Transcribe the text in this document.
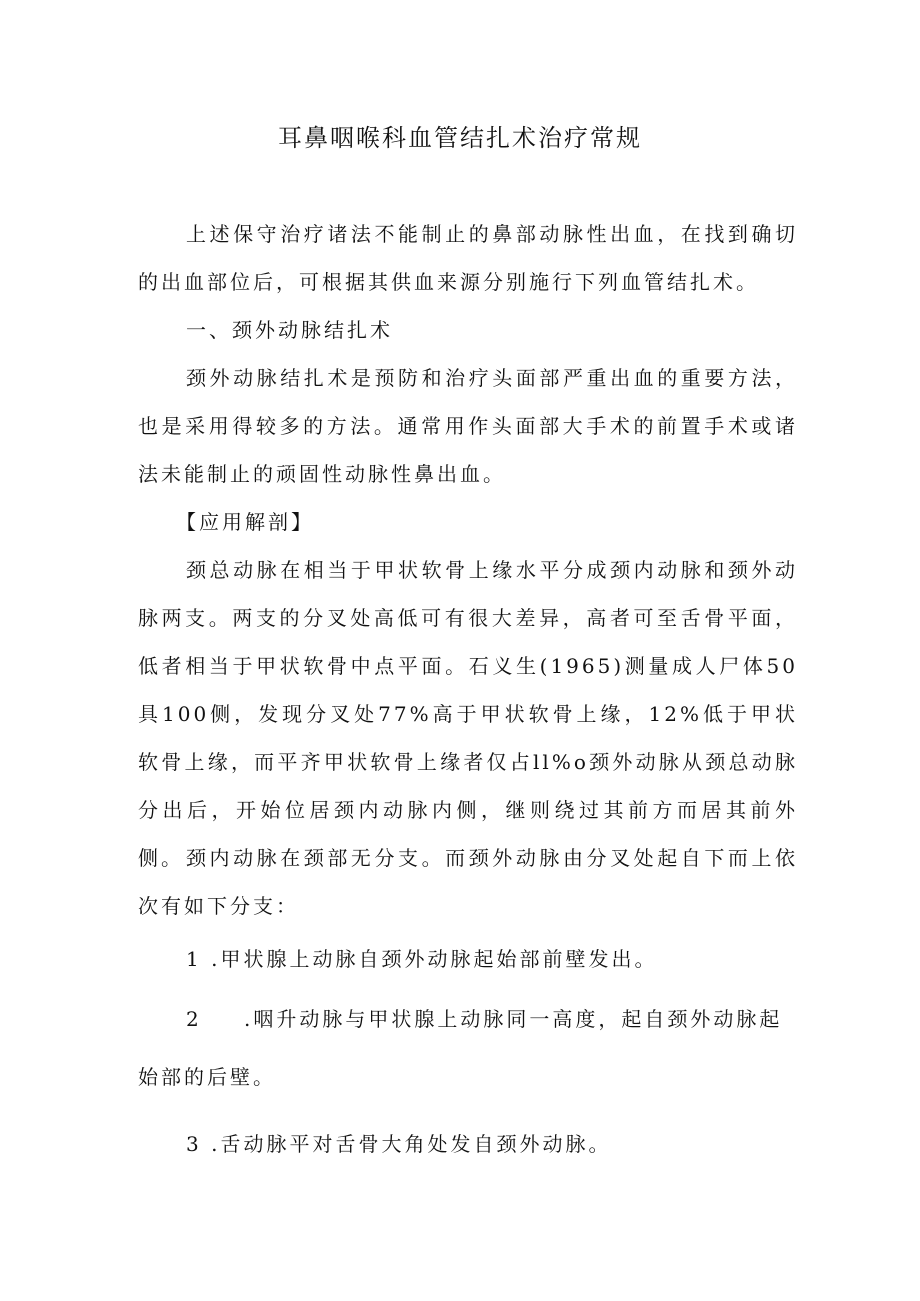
耳鼻咽喉科血管结扎术治疗常规
上述保守治疗诸法不能制止的鼻部动脉性出血，在找到确切的出血部位后，可根据其供血来源分别施行下列血管结扎术。
一、颈外动脉结扎术
颈外动脉结扎术是预防和治疗头面部严重出血的重要方法，也是采用得较多的方法。通常用作头面部大手术的前置手术或诸法未能制止的顽固性动脉性鼻出血。
【应用解剖】
颈总动脉在相当于甲状软骨上缘水平分成颈内动脉和颈外动脉两支。两支的分叉处高低可有很大差异，高者可至舌骨平面，低者相当于甲状软骨中点平面。石义生(1965)测量成人尸体50具100侧，发现分叉处77%高于甲状软骨上缘，12%低于甲状软骨上缘，而平齐甲状软骨上缘者仅占ll%o颈外动脉从颈总动脉分出后，开始位居颈内动脉内侧，继则绕过其前方而居其前外侧。 颈内动脉在颈部无分支。而颈外动脉由分叉处起自下而上依次有如下分支：
1 .甲状腺上动脉自颈外动脉起始部前壁发出。
2 .咽升动脉与甲状腺上动脉同一高度，起自颈外动脉起
始部的后壁。
3 .舌动脉平对舌骨大角处发自颈外动脉。
